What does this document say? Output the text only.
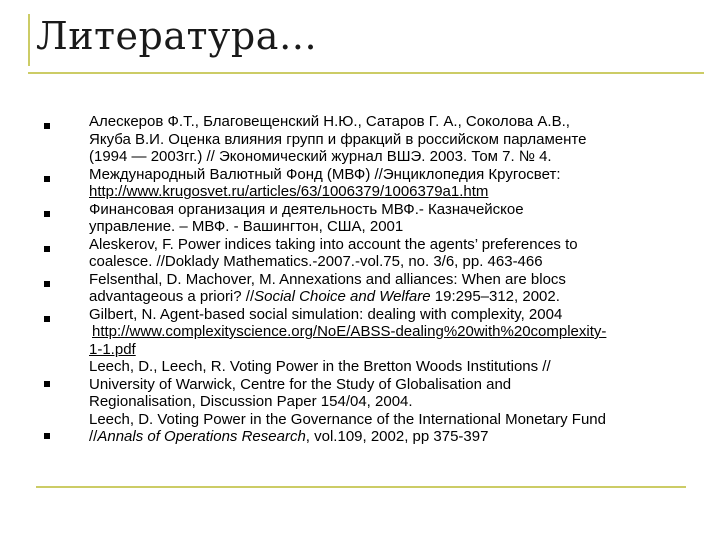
Литература…
Алескеров Ф.Т., Благовещенский Н.Ю., Сатаров Г. А., Соколова А.В.,
Якуба В.И. Оценка влияния групп и фракций в российском парламенте
(1994 — 2003гг.) // Экономический журнал ВШЭ. 2003. Том 7. № 4.
Международный Валютный Фонд (МВФ) //Энциклопедия Кругосвет:
http://www.krugosvet.ru/articles/63/1006379/1006379a1.htm
Финансовая организация и деятельность МВФ.- Казначейское
управление. – МВФ. - Вашингтон, США, 2001
Aleskerov, F. Power indices taking into account the agents’ preferences to
coalesce. //Doklady Mathematics.-2007.-vol.75, no. 3/6, pp. 463-466
Felsenthal, D. Machover, M. Annexations and alliances: When are blocs
advantageous a priori? //Social Choice and Welfare 19:295–312, 2002.
Gilbert, N. Agent-based social simulation: dealing with complexity, 2004
http://www.complexityscience.org/NoE/ABSS-dealing%20with%20complexity-
1-1.pdf
Leech, D., Leech, R. Voting Power in the Bretton Woods Institutions //
University of Warwick, Centre for the Study of Globalisation and
Regionalisation, Discussion Paper 154/04, 2004.
Leech, D. Voting Power in the Governance of the International Monetary Fund
//Annals of Operations Research, vol.109, 2002, pp 375-397
